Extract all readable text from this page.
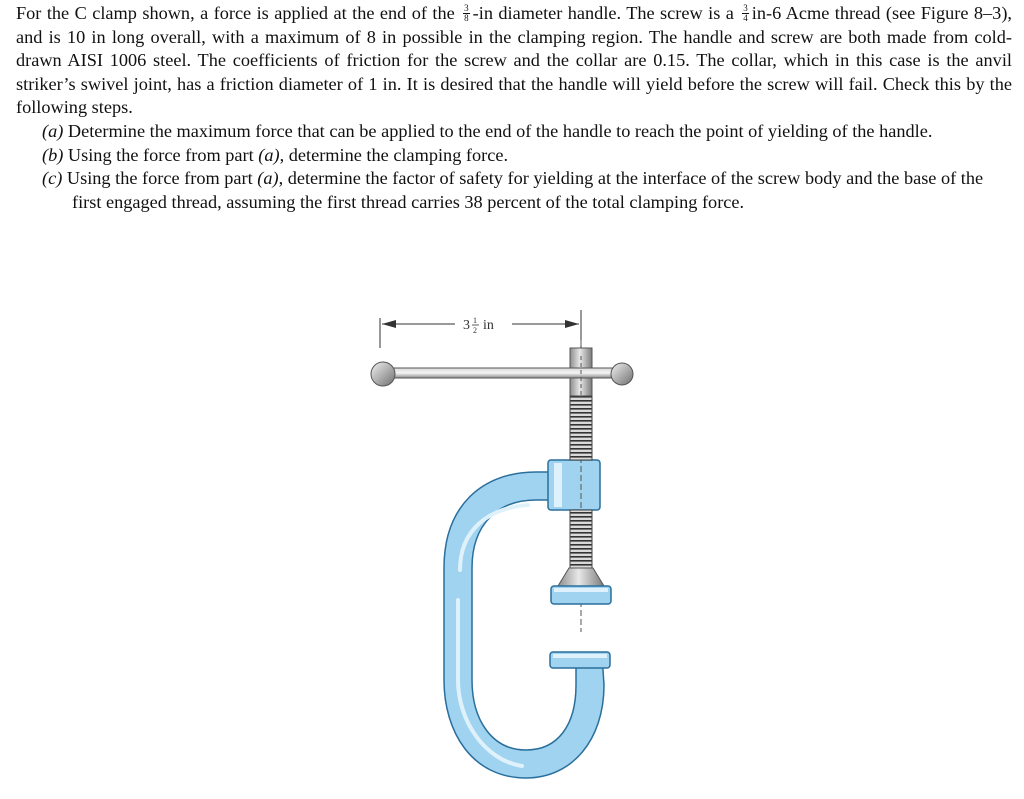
For the C clamp shown, a force is applied at the end of the $\frac{3}{8} -in$ diameter handle. The screw is a $\frac{3}{4} in-6$ Acme thread (see Figure 8–3), and is 10 in long overall, with a maximum of 8 in possible in the clamping region. The handle and screw are both made from cold-drawn AISI 1006 steel. The coefficients of friction for the screw and the collar are 0.15. The collar, which in this case is the anvil striker’s swivel joint, has a friction diameter of 1 in. It is desired that the handle will yield before the screw will fail. Check this by the following steps.

(a) Determine the maximum force that can be applied to the end of the handle to reach the point of yielding of the handle.

(b) Using the force from part (a), determine the clamping force.

(c) Using the force from part (a), determine the factor of safety for yielding at the interface of the screw body and the base of the first engaged thread, assuming the first thread carries 38 percent of the total clamping force.

3 1
2 in
